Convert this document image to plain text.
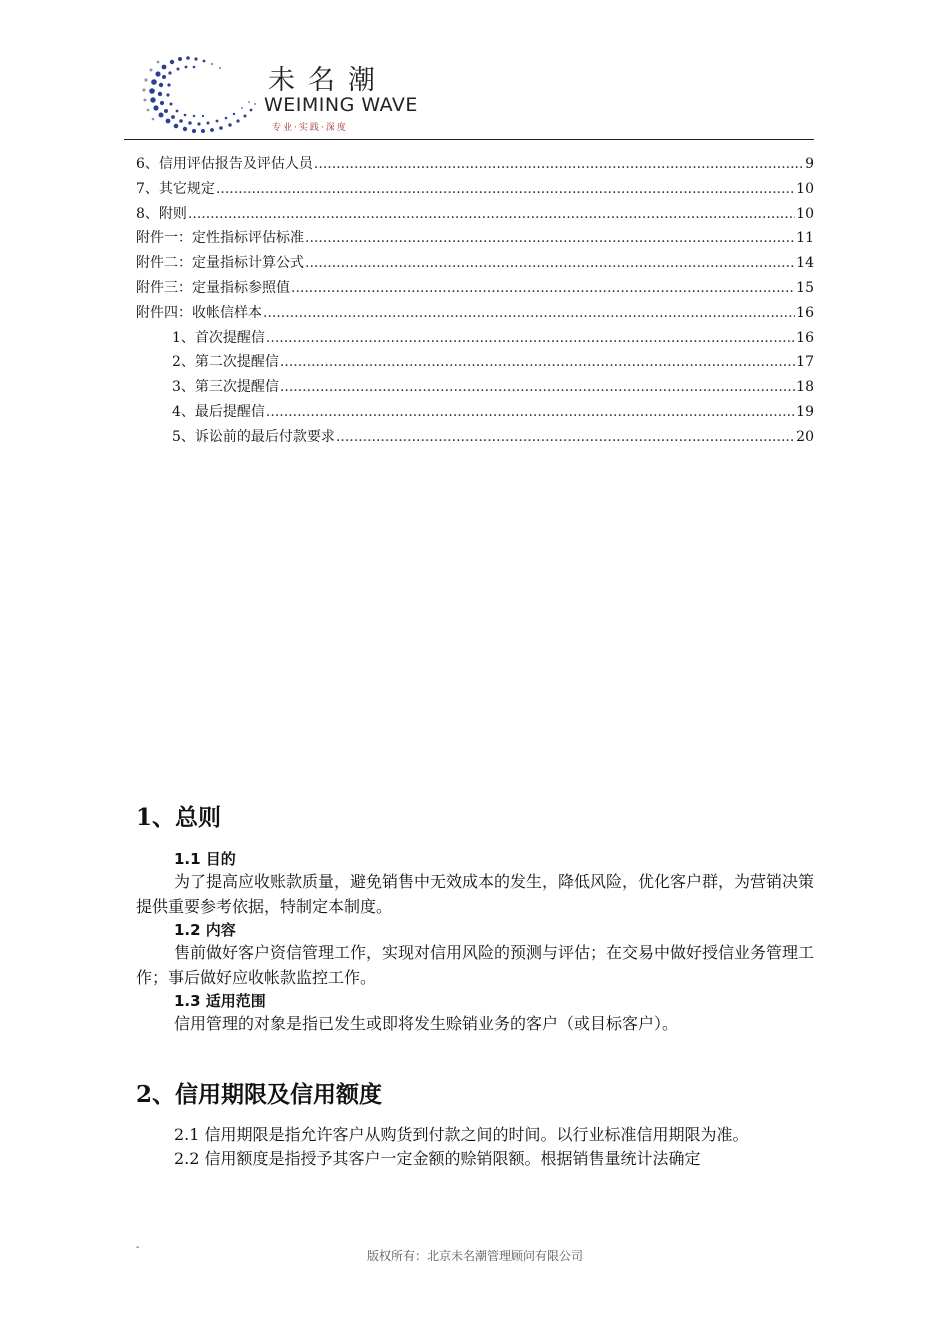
未名潮
WEIMING WAVE
专业·实践·深度
6、信用评估报告及评估人员 .....	9
7、其它规定 .....	10
8、附则 .....	10
附件一：定性指标评估标准 .....	11
附件二：定量指标计算公式 .....	14
附件三：定量指标参照值 .....	15
附件四：收帐信样本 .....	16
1、首次提醒信 .....	16
2、第二次提醒信 .....	17
3、第三次提醒信 .....	18
4、最后提醒信 .....	19
5、诉讼前的最后付款要求 .....	20
1、总则
1.1 目的

为了提高应收账款质量，避免销售中无效成本的发生，降低风险，优化客户群，为营销决策提供重要参考依据，特制定本制度。

1.2 内容

售前做好客户资信管理工作，实现对信用风险的预测与评估；在交易中做好授信业务管理工作；事后做好应收帐款监控工作。

1.3 适用范围

信用管理的对象是指已发生或即将发生赊销业务的客户（或目标客户）。

2、信用期限及信用额度

2.1 信用期限是指允许客户从购货到付款之间的时间。以行业标准信用期限为准。

2.2 信用额度是指授予其客户一定金额的赊销限额。根据销售量统计法确定

-
版权所有：北京未名潮管理顾问有限公司
